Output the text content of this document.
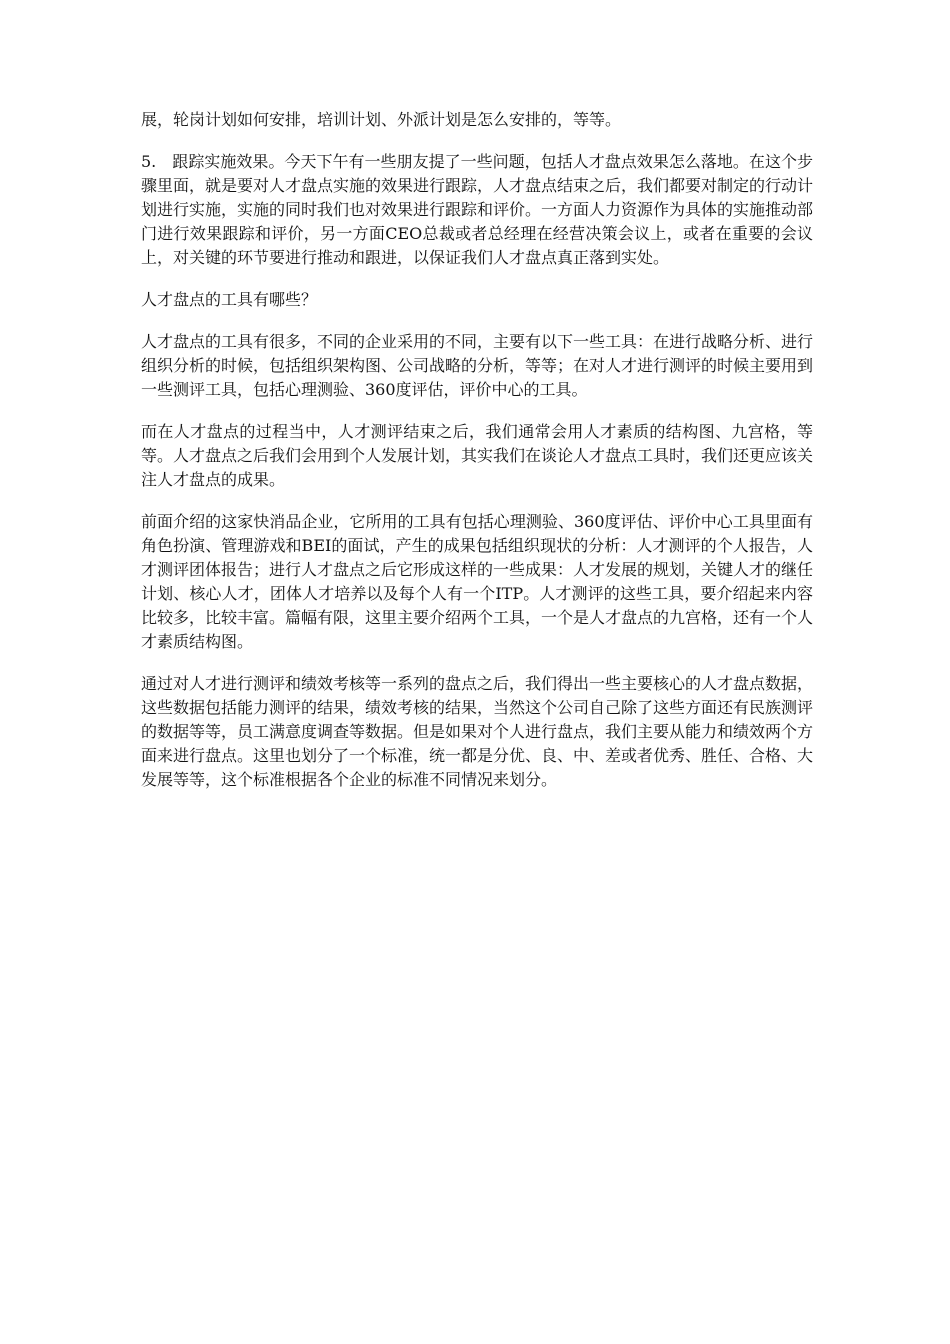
展，轮岗计划如何安排，培训计划、外派计划是怎么安排的，等等。

5.　跟踪实施效果。今天下午有一些朋友提了一些问题，包括人才盘点效果怎么落地。在这个步骤里面，就是要对人才盘点实施的效果进行跟踪，人才盘点结束之后，我们都要对制定的行动计划进行实施，实施的同时我们也对效果进行跟踪和评价。一方面人力资源作为具体的实施推动部门进行效果跟踪和评价，另一方面CEO总裁或者总经理在经营决策会议上，或者在重要的会议上，对关键的环节要进行推动和跟进，以保证我们人才盘点真正落到实处。

人才盘点的工具有哪些？

人才盘点的工具有很多，不同的企业采用的不同，主要有以下一些工具：在进行战略分析、进行组织分析的时候，包括组织架构图、公司战略的分析，等等；在对人才进行测评的时候主要用到一些测评工具，包括心理测验、360度评估，评价中心的工具。

而在人才盘点的过程当中，人才测评结束之后，我们通常会用人才素质的结构图、九宫格，等等。人才盘点之后我们会用到个人发展计划，其实我们在谈论人才盘点工具时，我们还更应该关注人才盘点的成果。

前面介绍的这家快消品企业，它所用的工具有包括心理测验、360度评估、评价中心工具里面有角色扮演、管理游戏和BEI的面试，产生的成果包括组织现状的分析：人才测评的个人报告，人才测评团体报告；进行人才盘点之后它形成这样的一些成果：人才发展的规划，关键人才的继任计划、核心人才，团体人才培养以及每个人有一个ITP。人才测评的这些工具，要介绍起来内容比较多，比较丰富。篇幅有限，这里主要介绍两个工具，一个是人才盘点的九宫格，还有一个人才素质结构图。

通过对人才进行测评和绩效考核等一系列的盘点之后，我们得出一些主要核心的人才盘点数据，这些数据包括能力测评的结果，绩效考核的结果，当然这个公司自己除了这些方面还有民族测评的数据等等，员工满意度调查等数据。但是如果对个人进行盘点，我们主要从能力和绩效两个方面来进行盘点。这里也划分了一个标准，统一都是分优、良、中、差或者优秀、胜任、合格、大发展等等，这个标准根据各个企业的标准不同情况来划分。
